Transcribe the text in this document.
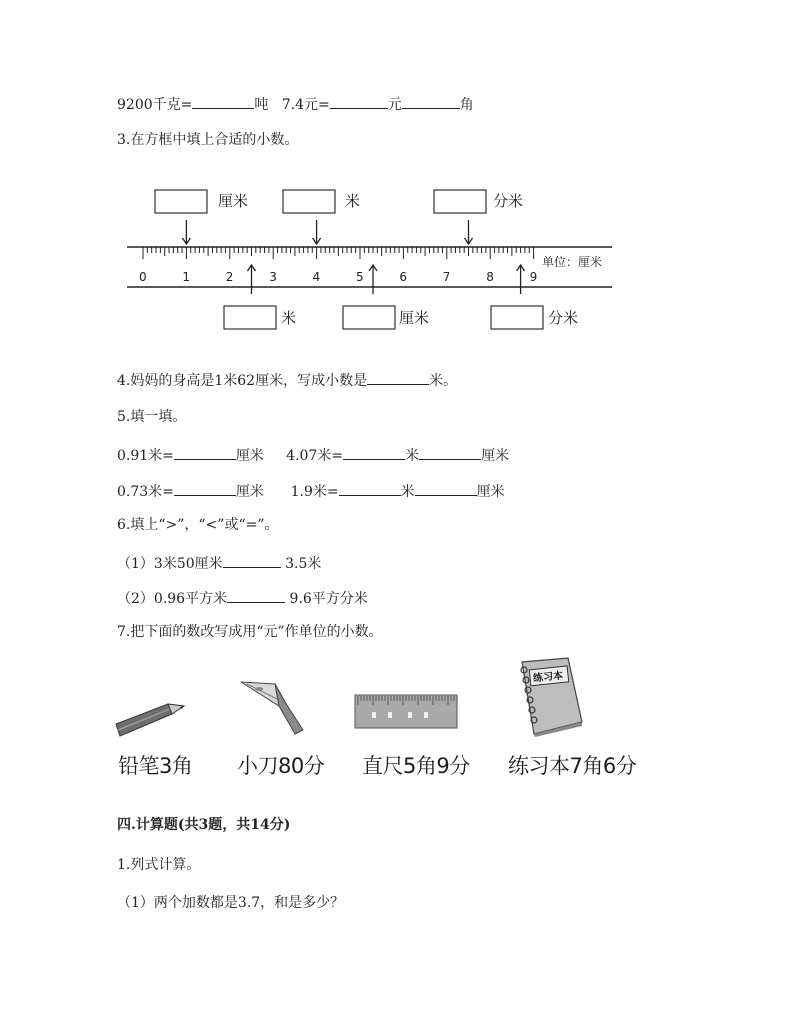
9200千克=	吨 7.4元=	元	角
3.在方框中填上合适的小数。
厘米	米	分米
0	1	2	3	4	5	6	7	8	9
单位：厘米
米	厘米	分米
4.妈妈的身高是1米62厘米，写成小数是	米。
5.填一填。
0.91米=	厘米 4.07米=	米	厘米
0.73米=	厘米 1.9米=	米	厘米
6.填上“>”，“<”或“=”。
（1）3米50厘米	3.5米
（2）0.96平方米	9.6平方分米
7.把下面的数改写成用“元”作单位的小数。
练习本
铅笔3角 小刀80分 直尺5角9分 练习本7角6分
四.计算题(共3题，共14分)
1.列式计算。
（1）两个加数都是3.7，和是多少？
